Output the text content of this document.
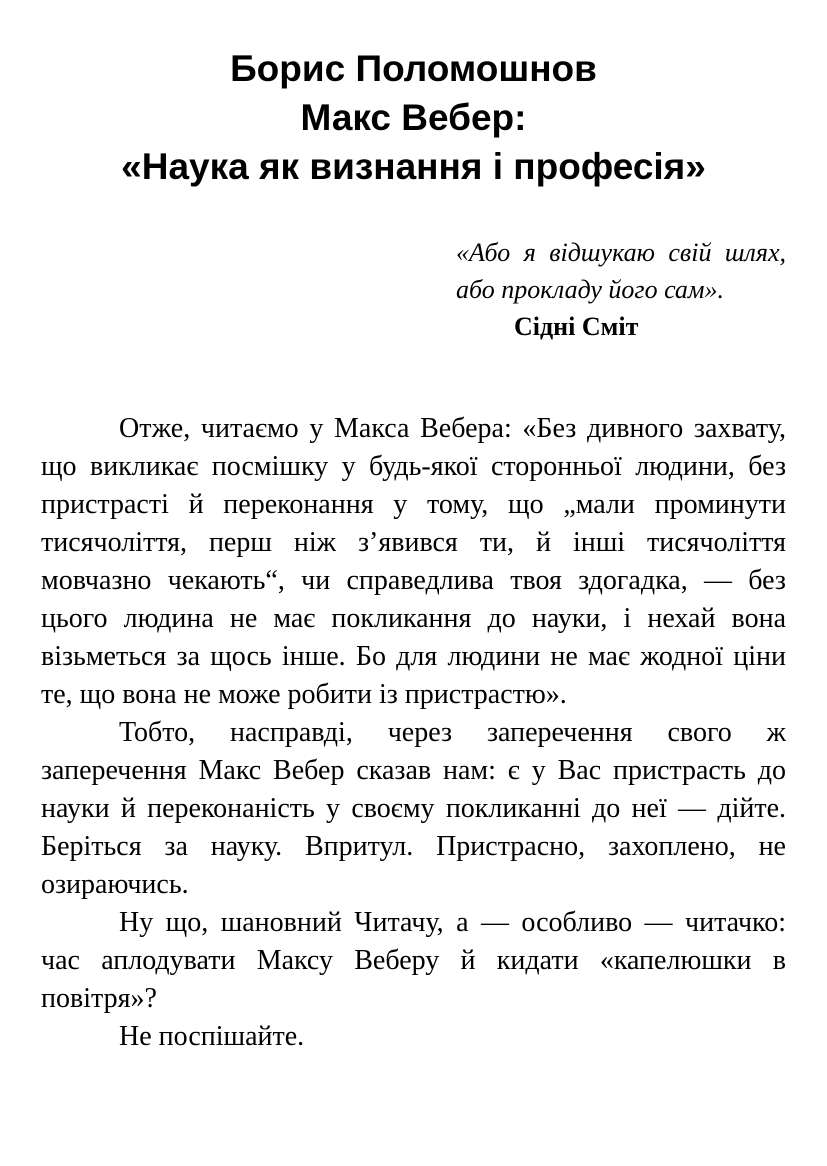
Борис Поломошнов
Макс Вебер:
«Наука як визнання і професія»

«Або я відшукаю свій шлях, або прокладу його сам».

Сідні Сміт

Отже, читаємо у Макса Вебера: «Без дивного захвату, що викликає посмішку у будь-якої сторонньої людини, без пристрасті й переконання у тому, що „мали проминути тисячоліття, перш ніж з’явився ти, й інші тисячоліття мовчазно чекають“, чи справедлива твоя здогадка, — без цього людина не має покликання до науки, і нехай вона візьметься за щось інше. Бо для людини не має жодної ціни те, що вона не може робити із пристрастю».

Тобто, насправді, через заперечення свого ж заперечення Макс Вебер сказав нам: є у Вас пристрасть до науки й переконаність у своєму покликанні до неї — дійте. Беріться за науку. Впритул. Пристрасно, захоплено, не озираючись.

Ну що, шановний Читачу, а — особливо — читачко: час аплодувати Максу Веберу й кидати «капелюшки в повітря»?

Не поспішайте.
